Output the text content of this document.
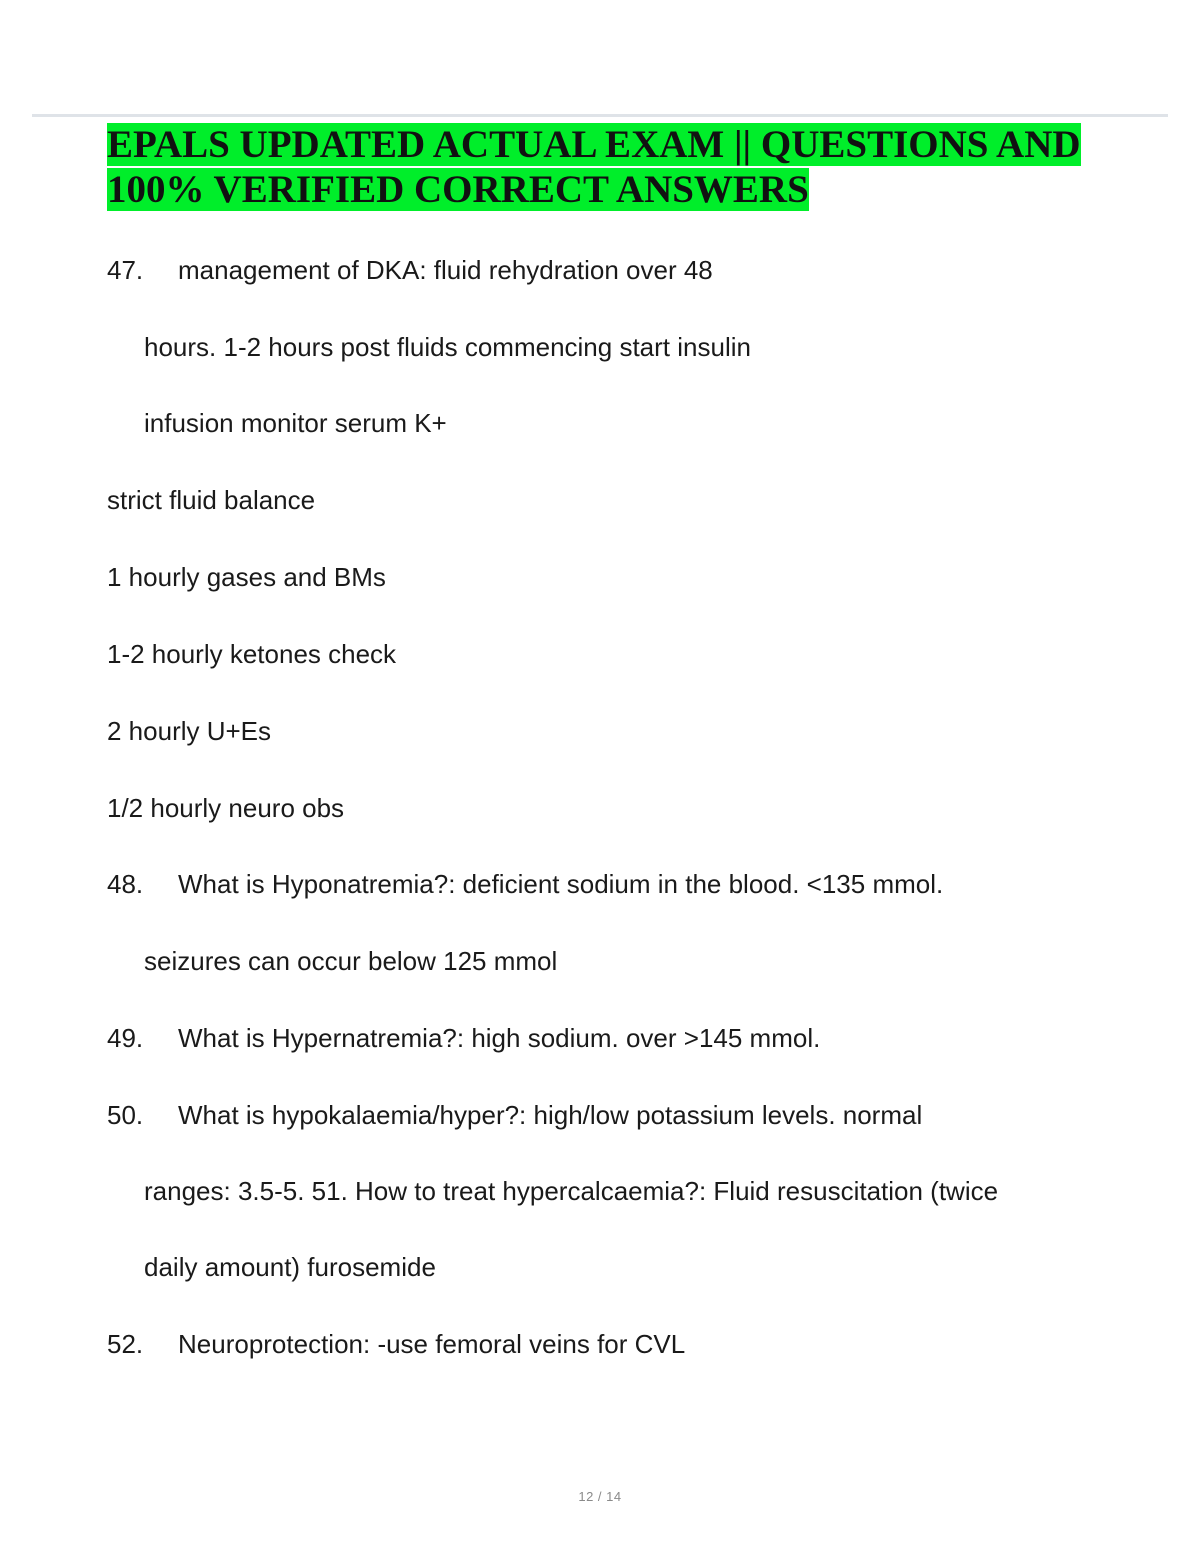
EPALS UPDATED ACTUAL EXAM || QUESTIONS AND 100% VERIFIED CORRECT ANSWERS
47. management of DKA: fluid rehydration over 48
hours. 1-2 hours post fluids commencing start insulin
infusion monitor serum K+
strict fluid balance
1 hourly gases and BMs
1-2 hourly ketones check
2 hourly U+Es
1/2 hourly neuro obs
48. What is Hyponatremia?: deficient sodium in the blood. <135 mmol.
seizures can occur below 125 mmol
49. What is Hypernatremia?: high sodium. over >145 mmol.
50. What is hypokalaemia/hyper?: high/low potassium levels. normal
ranges: 3.5-5. 51. How to treat hypercalcaemia?: Fluid resuscitation (twice
daily amount) furosemide
52. Neuroprotection: -use femoral veins for CVL
12 / 14
